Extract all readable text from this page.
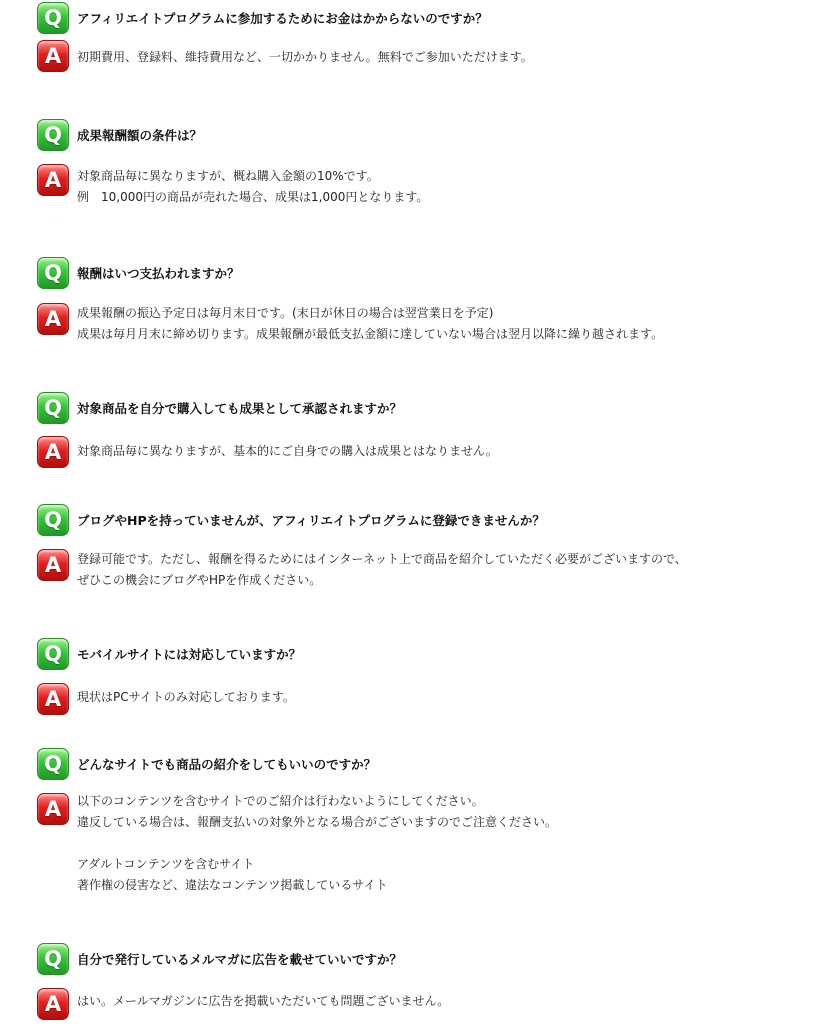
Q	アフィリエイトプログラムに参加するためにお金はかからないのですか？
A	初期費用、登録料、維持費用など、一切かかりません。無料でご参加いただけます。
Q	成果報酬額の条件は？
A	対象商品毎に異なりますが、概ね購入金額の10%です。
例　10,000円の商品が売れた場合、成果は1,000円となります。
Q	報酬はいつ支払われますか？
A	成果報酬の振込予定日は毎月末日です。(末日が休日の場合は翌営業日を予定)
成果は毎月月末に締め切ります。成果報酬が最低支払金額に達していない場合は翌月以降に繰り越されます。
Q	対象商品を自分で購入しても成果として承認されますか？
A	対象商品毎に異なりますが、基本的にご自身での購入は成果とはなりません。
Q	ブログやHPを持っていませんが、アフィリエイトプログラムに登録できませんか？
A	登録可能です。ただし、報酬を得るためにはインターネット上で商品を紹介していただく必要がございますので、
ぜひこの機会にブログやHPを作成ください。
Q	モバイルサイトには対応していますか？
A	現状はPCサイトのみ対応しております。
Q	どんなサイトでも商品の紹介をしてもいいのですか？
A	以下のコンテンツを含むサイトでのご紹介は行わないようにしてください。
違反している場合は、報酬支払いの対象外となる場合がございますのでご注意ください。
アダルトコンテンツを含むサイト
著作権の侵害など、違法なコンテンツ掲載しているサイト
Q	自分で発行しているメルマガに広告を載せていいですか？
A	はい。メールマガジンに広告を掲載いただいても問題ございません。
